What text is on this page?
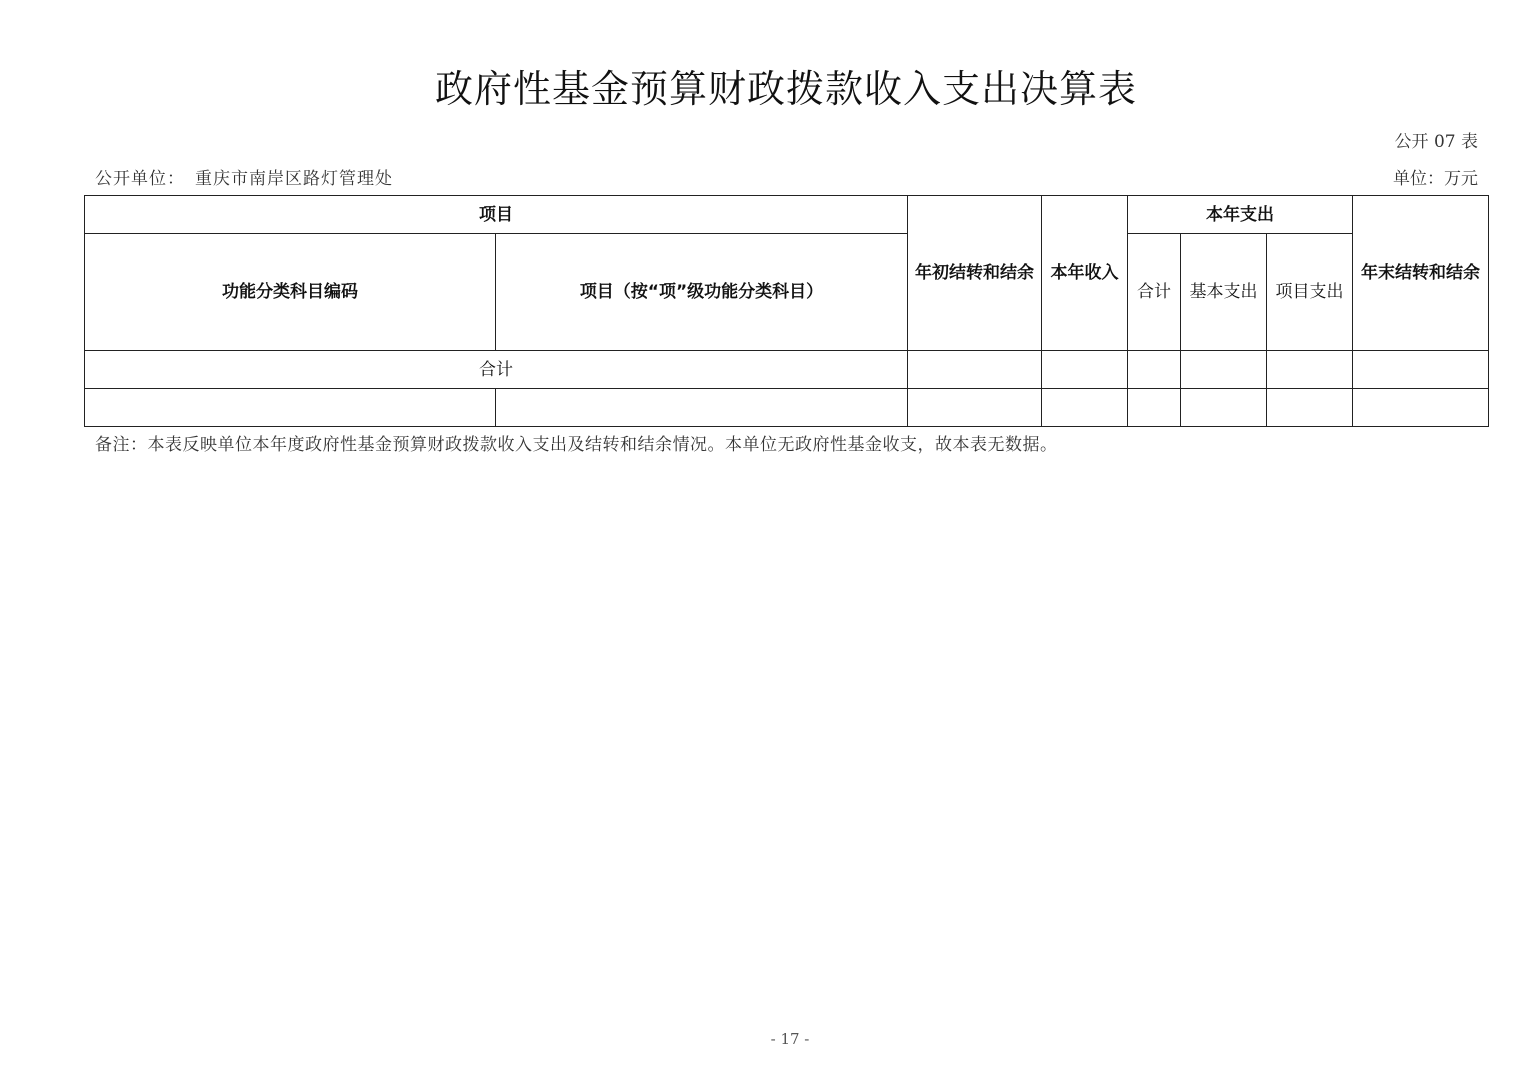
政府性基金预算财政拨款收入支出决算表
公开 07 表
公开单位： 重庆市南岸区路灯管理处	单位：万元
项目		年初结转和结余	本年收入	本年支出			年末结转和结余
功能分类科目编码	项目（按“项”级功能分类科目）			合计	基本支出	项目支出	
合计							

备注：本表反映单位本年度政府性基金预算财政拨款收入支出及结转和结余情况。本单位无政府性基金收支，故本表无数据。
- 17 -
